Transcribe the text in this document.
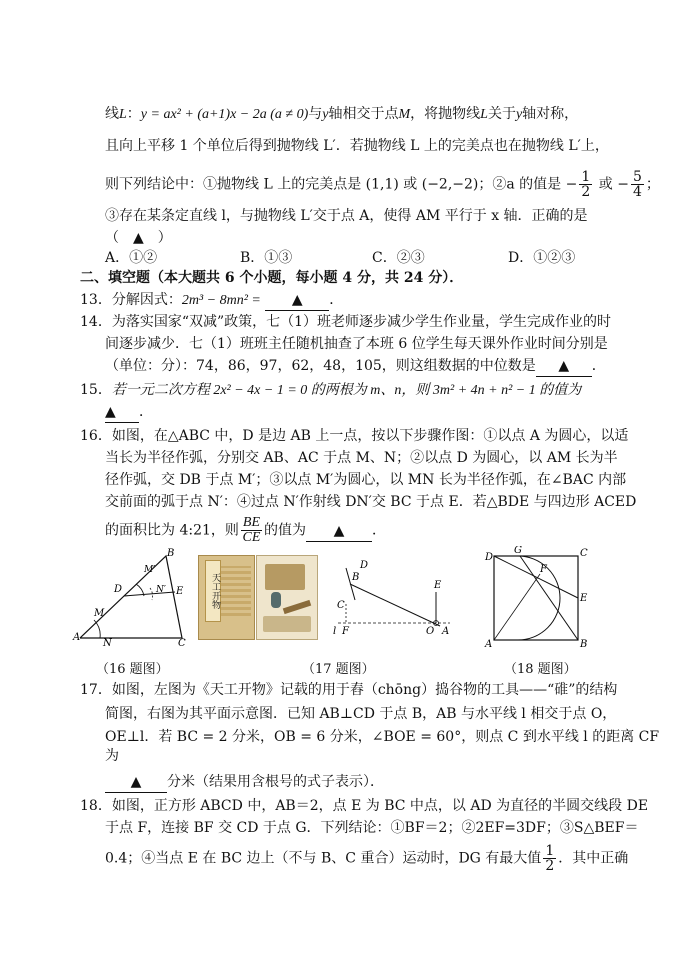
线L：y = ax² + (a+1)x − 2a (a ≠ 0)与y轴相交于点M，将抛物线L关于y轴对称，
且向上平移 1 个单位后得到抛物线 L′．若抛物线 L 上的完美点也在抛物线 L′上，
则下列结论中：①抛物线 L 上的完美点是 (1,1) 或 (−2,−2)；②a 的值是 − $\frac{1}{2}$ 或 − $\frac{5}{4}$ ；
③存在某条定直线 l，与抛物线 L′交于点 A，使得 AM 平行于 x 轴．正确的是
（　▲　）
A．①②	B．①③	C．②③	D．①②③
二、填空题（本大题共 6 个小题，每小题 4 分，共 24 分）．
13．分解因式：2m³ − 8mn² = ▲ ．
14．为落实国家“双减”政策，七（1）班老师逐步减少学生作业量，学生完成作业的时
间逐步减少．七（1）班班主任随机抽查了本班 6 位学生每天课外作业时间分别是
（单位：分）：74，86，97，62，48，105，则这组数据的中位数是 ▲ ．
15．若一元二次方程 2x² − 4x − 1 = 0 的两根为 m、n，则 3m² + 4n + n² − 1 的值为
▲ ．
16．如图，在△ABC 中，D 是边 AB 上一点，按以下步骤作图：①以点 A 为圆心，以适
当长为半径作弧，分别交 AB、AC 于点 M、N；②以点 D 为圆心，以 AM 长为半
径作弧，交 DB 于点 M′；③以点 M′为圆心，以 MN 长为半径作弧，在∠BAC 内部
交前面的弧于点 N′：④过点 N′作射线 DN′交 BC 于点 E．若△BDE 与四边形 ACED
的面积比为 4:21，则 $\frac{BE}{CE}$ 的值为 ▲ ．
B
M′
D	N′ E
M
A
N	C
天工开物
D
B
C
l F
E
O A
D
G	C
F
E
A	B
（16 题图）	（17 题图）	（18 题图）
17．如图，左图为《天工开物》记载的用于舂（chōng）捣谷物的工具——“碓”的结构
简图，右图为其平面示意图．已知 AB⊥CD 于点 B，AB 与水平线 l 相交于点 O，
OE⊥l．若 BC = 2 分米，OB = 6 分米，∠BOE = 60°，则点 C 到水平线 l 的距离 CF
为
▲ 分米（结果用含根号的式子表示）．
18．如图，正方形 ABCD 中，AB＝2，点 E 为 BC 中点，以 AD 为直径的半圆交线段 DE
于点 F，连接 BF 交 CD 于点 G．下列结论：①BF＝2；②2EF=3DF；③S△BEF＝
0.4；④当点 E 在 BC 边上（不与 B、C 重合）运动时，DG 有最大值 $\frac{1}{2}$ ．其中正确
